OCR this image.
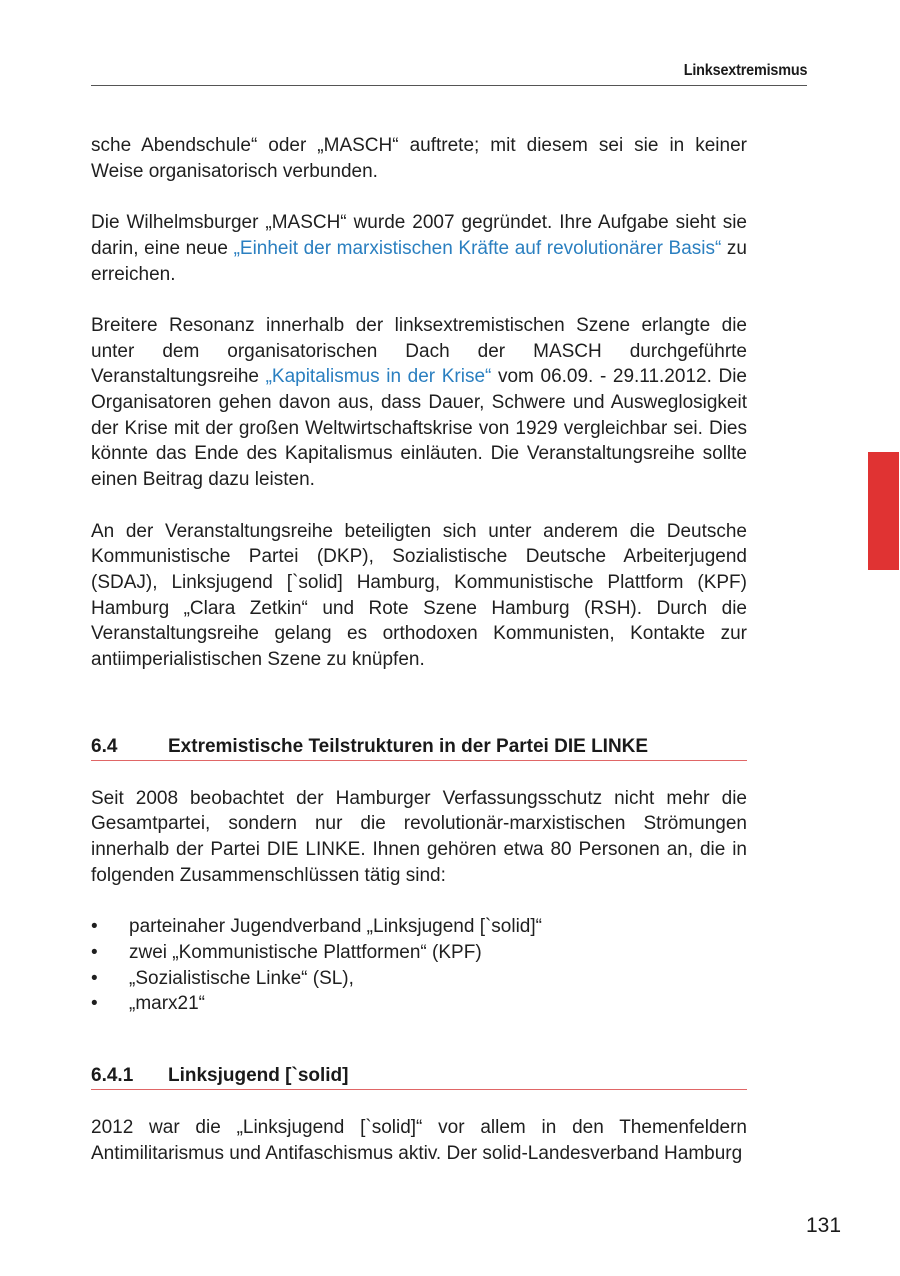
Linksextremismus

sche Abendschule“ oder „MASCH“ auftrete; mit diesem sei sie in keiner Weise organisatorisch verbunden.

Die Wilhelmsburger „MASCH“ wurde 2007 gegründet. Ihre Aufgabe sieht sie darin, eine neue „Einheit der marxistischen Kräfte auf revolutionärer Basis“ zu erreichen.

Breitere Resonanz innerhalb der linksextremistischen Szene erlangte die unter dem organisatorischen Dach der MASCH durchgeführte Veranstaltungsreihe „Kapitalismus in der Krise“ vom 06.09. - 29.11.2012. Die Organisatoren gehen davon aus, dass Dauer, Schwere und Ausweglosigkeit der Krise mit der großen Weltwirtschaftskrise von 1929 vergleichbar sei. Dies könnte das Ende des Kapitalismus einläuten. Die Veranstaltungsreihe sollte einen Beitrag dazu leisten.

An der Veranstaltungsreihe beteiligten sich unter anderem die Deutsche Kommunistische Partei (DKP), Sozialistische Deutsche Arbeiterjugend (SDAJ), Linksjugend [`solid] Hamburg, Kommunistische Plattform (KPF) Hamburg „Clara Zetkin“ und Rote Szene Hamburg (RSH). Durch die Veranstaltungsreihe gelang es orthodoxen Kommunisten, Kontakte zur antiimperialistischen Szene zu knüpfen.

6.4	Extremistische Teilstrukturen in der Partei DIE LINKE

Seit 2008 beobachtet der Hamburger Verfassungsschutz nicht mehr die Gesamtpartei, sondern nur die revolutionär-marxistischen Strömungen innerhalb der Partei DIE LINKE. Ihnen gehören etwa 80 Personen an, die in folgenden Zusammenschlüssen tätig sind:

•	parteinaher Jugendverband „Linksjugend [`solid]“
•	zwei „Kommunistische Plattformen“ (KPF)
•	„Sozialistische Linke“ (SL),
•	„marx21“
6.4.1	Linksjugend [`solid]

2012 war die „Linksjugend [`solid]“ vor allem in den Themenfeldern Antimilitarismus und Antifaschismus aktiv. Der solid-Landesverband Hamburg

131
